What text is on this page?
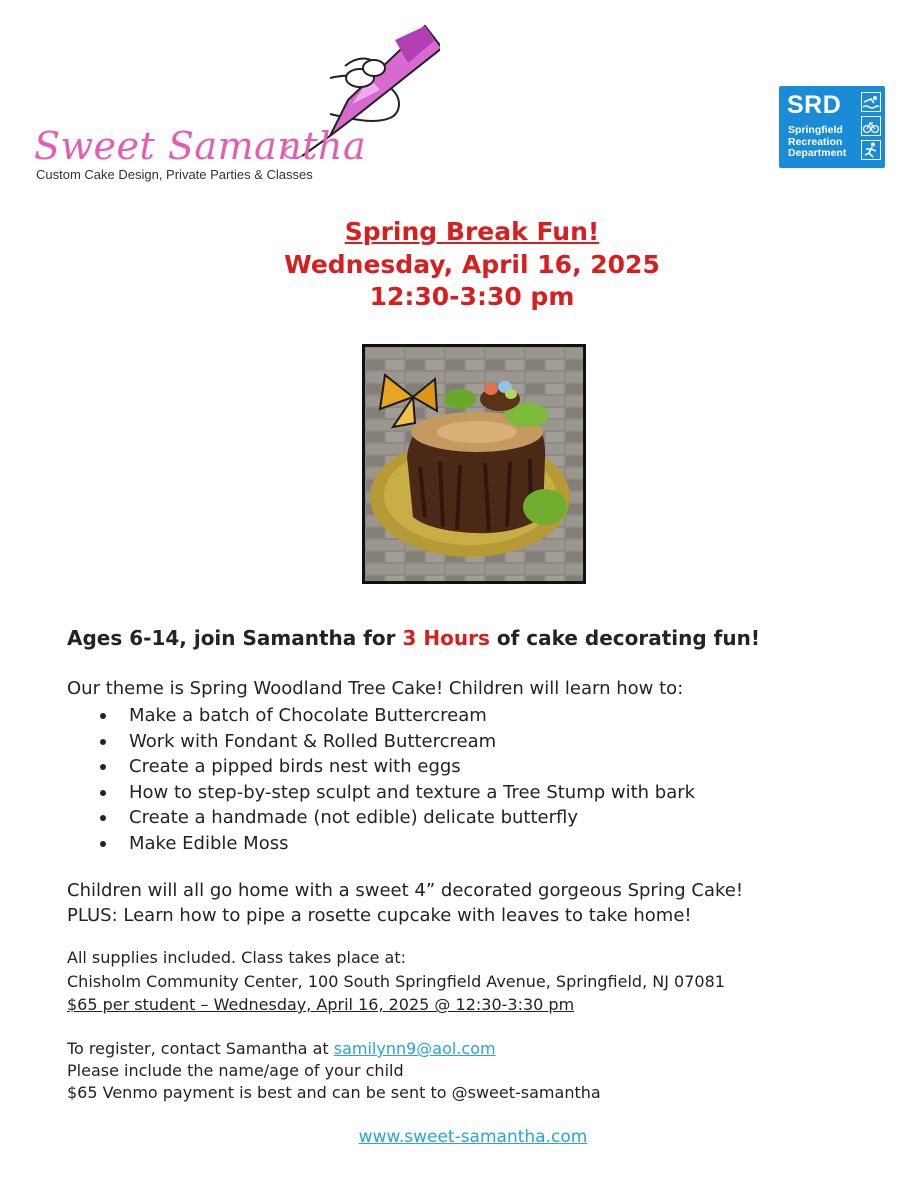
Sweet Samantha
Custom Cake Design, Private Parties & Classes
SRD
Springfield
Recreation
Department
Spring Break Fun!
Wednesday, April 16, 2025
12:30-3:30 pm
Ages 6-14, join Samantha for 3 Hours of cake decorating fun!
Our theme is Spring Woodland Tree Cake! Children will learn how to:
Make a batch of Chocolate Buttercream
Work with Fondant & Rolled Buttercream
Create a pipped birds nest with eggs
How to step-by-step sculpt and texture a Tree Stump with bark
Create a handmade (not edible) delicate butterfly
Make Edible Moss
Children will all go home with a sweet 4” decorated gorgeous Spring Cake!
PLUS: Learn how to pipe a rosette cupcake with leaves to take home!
All supplies included. Class takes place at:
Chisholm Community Center, 100 South Springfield Avenue, Springfield, NJ 07081
$65 per student – Wednesday, April 16, 2025 @ 12:30-3:30 pm
To register, contact Samantha at samilynn9@aol.com
Please include the name/age of your child
$65 Venmo payment is best and can be sent to @sweet-samantha
www.sweet-samantha.com
